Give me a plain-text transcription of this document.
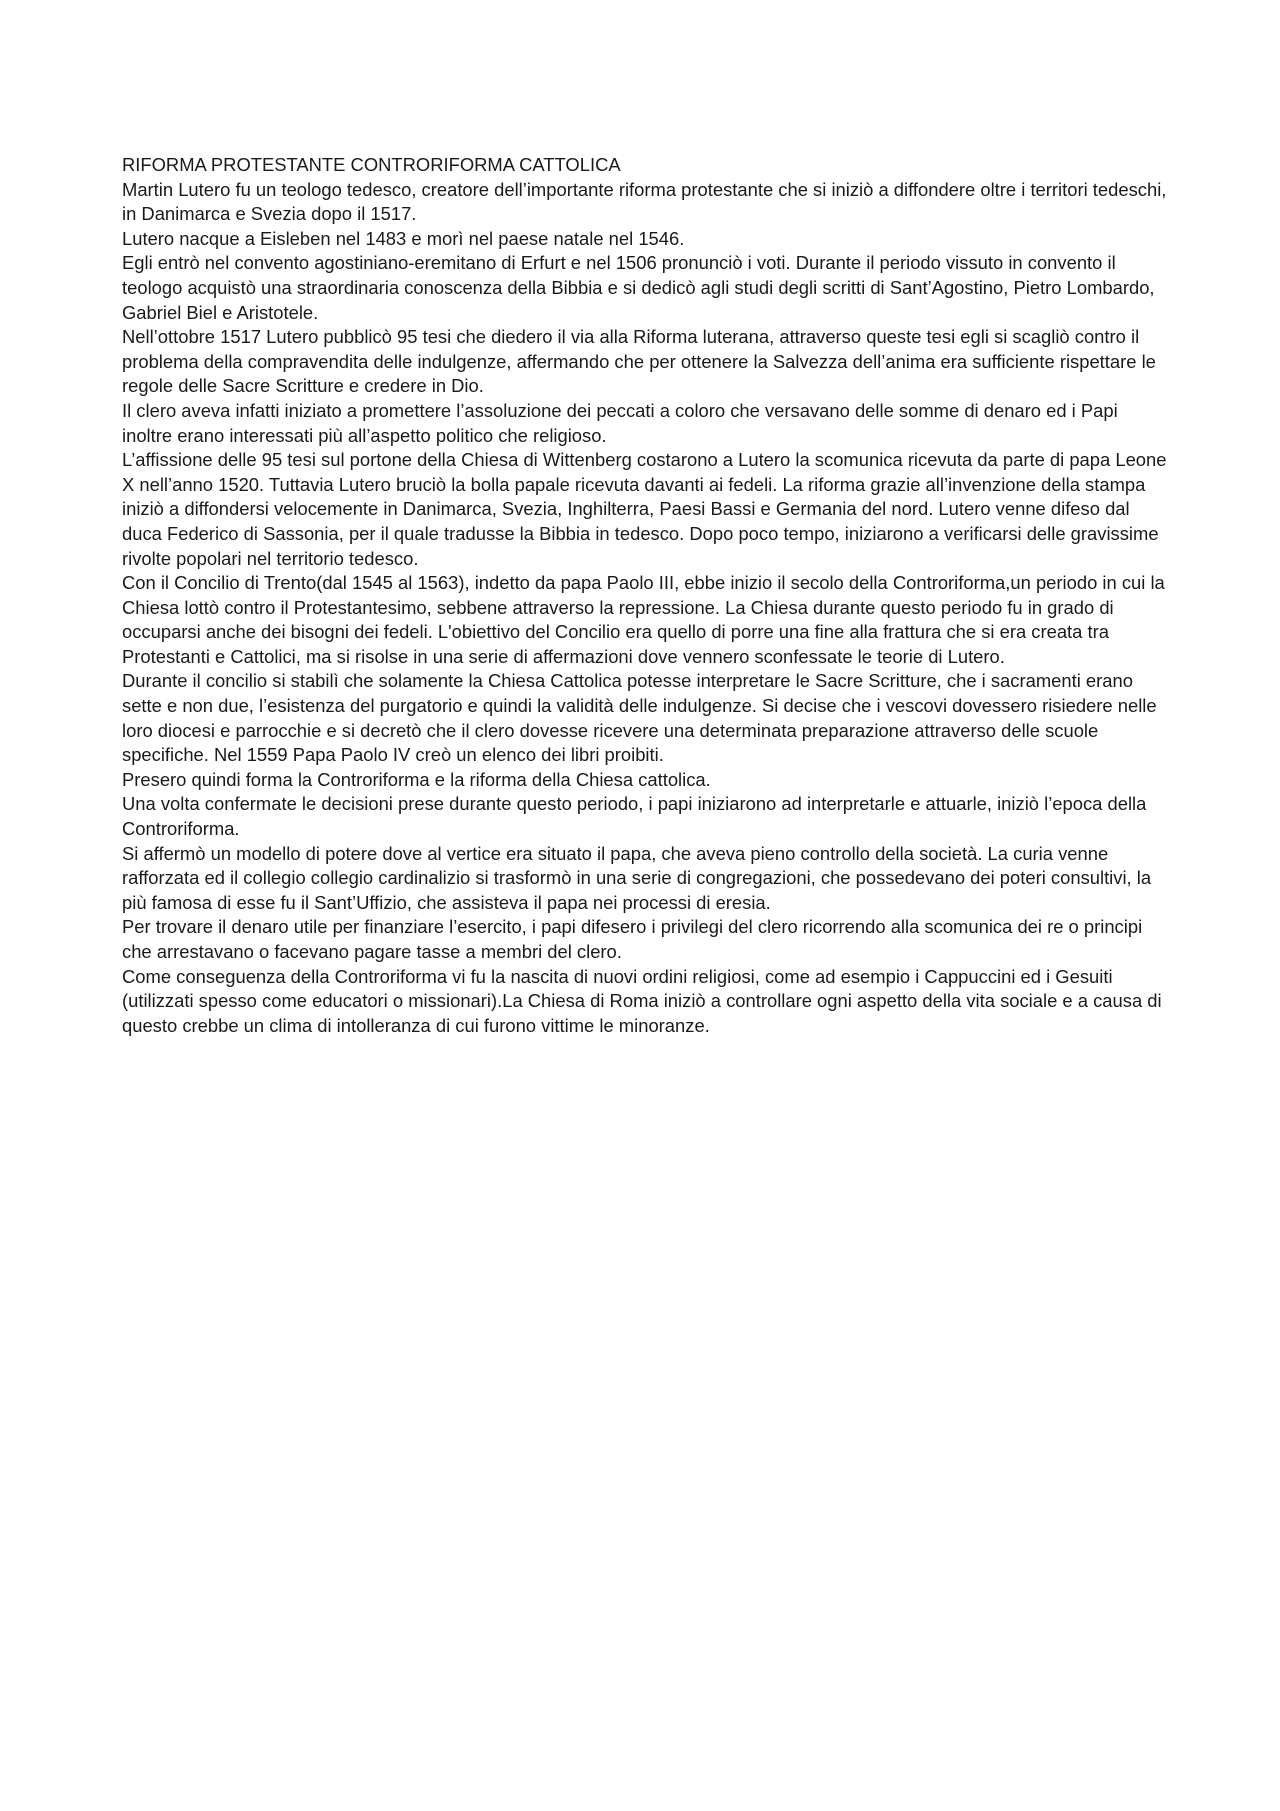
RIFORMA PROTESTANTE CONTRORIFORMA CATTOLICA

Martin Lutero fu un teologo tedesco, creatore dell’importante riforma protestante che si iniziò a diffondere oltre i territori tedeschi, in Danimarca e Svezia dopo il 1517.

Lutero nacque a Eisleben nel 1483 e morì nel paese natale nel 1546.

Egli entrò nel convento agostiniano-eremitano di Erfurt e nel 1506 pronunciò i voti. Durante il periodo vissuto in convento il teologo acquistò una straordinaria conoscenza della Bibbia e si dedicò agli studi degli scritti di Sant’Agostino, Pietro Lombardo, Gabriel Biel e Aristotele.

Nell’ottobre 1517 Lutero pubblicò 95 tesi che diedero il via alla Riforma luterana, attraverso queste tesi egli si scagliò contro il problema della compravendita delle indulgenze, affermando che per ottenere la Salvezza dell’anima era sufficiente rispettare le regole delle Sacre Scritture e credere in Dio.

Il clero aveva infatti iniziato a promettere l’assoluzione dei peccati a coloro che versavano delle somme di denaro ed i Papi inoltre erano interessati più all’aspetto politico che religioso.

L’affissione delle 95 tesi sul portone della Chiesa di Wittenberg costarono a Lutero la scomunica ricevuta da parte di papa Leone X nell’anno 1520. Tuttavia Lutero bruciò la bolla papale ricevuta davanti ai fedeli. La riforma grazie all’invenzione della stampa iniziò a diffondersi velocemente in Danimarca, Svezia, Inghilterra, Paesi Bassi e Germania del nord. Lutero venne difeso dal duca Federico di Sassonia, per il quale tradusse la Bibbia in tedesco. Dopo poco tempo, iniziarono a verificarsi delle gravissime rivolte popolari nel territorio tedesco.

Con il Concilio di Trento(dal 1545 al 1563), indetto da papa Paolo III, ebbe inizio il secolo della Controriforma,un periodo in cui la Chiesa lottò contro il Protestantesimo, sebbene attraverso la repressione. La Chiesa durante questo periodo fu in grado di occuparsi anche dei bisogni dei fedeli. L'obiettivo del Concilio era quello di porre una fine alla frattura che si era creata tra Protestanti e Cattolici, ma si risolse in una serie di affermazioni dove vennero sconfessate le teorie di Lutero.

Durante il concilio si stabilì che solamente la Chiesa Cattolica potesse interpretare le Sacre Scritture, che i sacramenti erano sette e non due, l’esistenza del purgatorio e quindi la validità delle indulgenze. Si decise che i vescovi dovessero risiedere nelle loro diocesi e parrocchie e si decretò che il clero dovesse ricevere una determinata preparazione attraverso delle scuole specifiche. Nel 1559 Papa Paolo IV creò un elenco dei libri proibiti.

Presero quindi forma la Controriforma e la riforma della Chiesa cattolica.

Una volta confermate le decisioni prese durante questo periodo, i papi iniziarono ad interpretarle e attuarle, iniziò l’epoca della Controriforma.

Si affermò un modello di potere dove al vertice era situato il papa, che aveva pieno controllo della società. La curia venne rafforzata ed il collegio collegio cardinalizio si trasformò in una serie di congregazioni, che possedevano dei poteri consultivi, la più famosa di esse fu il Sant’Uffizio, che assisteva il papa nei processi di eresia.

Per trovare il denaro utile per finanziare l’esercito, i papi difesero i privilegi del clero ricorrendo alla scomunica dei re o principi che arrestavano o facevano pagare tasse a membri del clero.

Come conseguenza della Controriforma vi fu la nascita di nuovi ordini religiosi, come ad esempio i Cappuccini ed i Gesuiti (utilizzati spesso come educatori o missionari).La Chiesa di Roma iniziò a controllare ogni aspetto della vita sociale e a causa di questo crebbe un clima di intolleranza di cui furono vittime le minoranze.
